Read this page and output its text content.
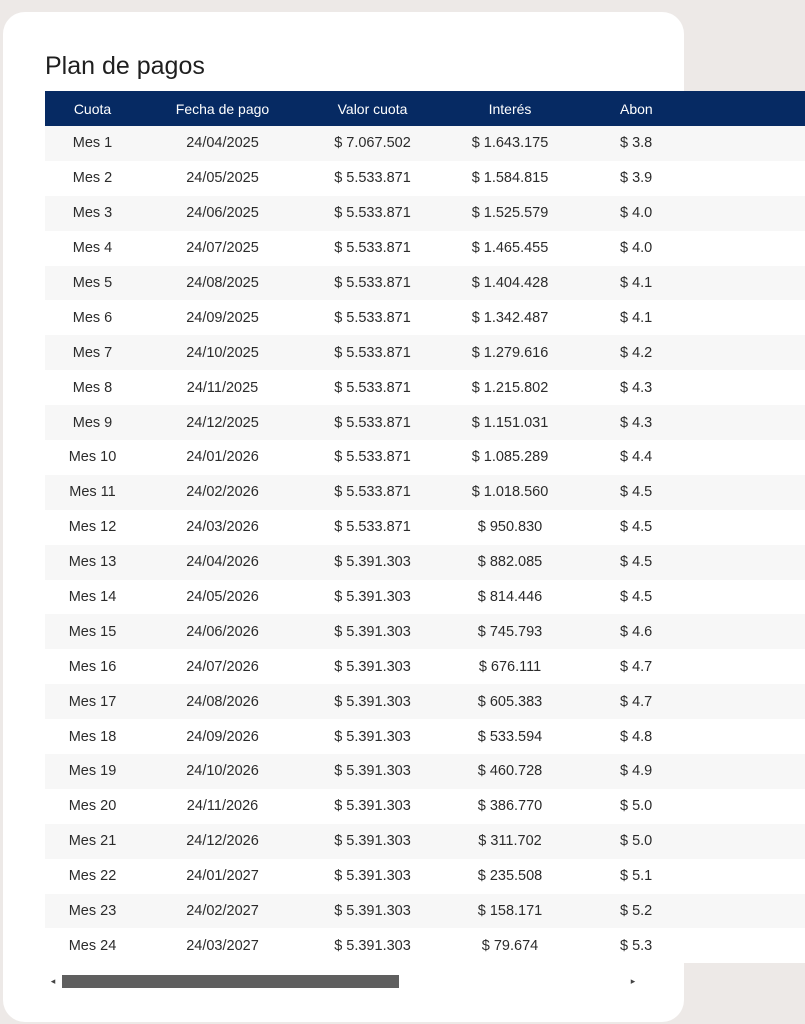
Plan de pagos
Cuota	Fecha de pago	Valor cuota	Interés	Abon
Mes 1	24/04/2025	$ 7.067.502	$ 1.643.175	$ 3.8
Mes 2	24/05/2025	$ 5.533.871	$ 1.584.815	$ 3.9
Mes 3	24/06/2025	$ 5.533.871	$ 1.525.579	$ 4.0
Mes 4	24/07/2025	$ 5.533.871	$ 1.465.455	$ 4.0
Mes 5	24/08/2025	$ 5.533.871	$ 1.404.428	$ 4.1
Mes 6	24/09/2025	$ 5.533.871	$ 1.342.487	$ 4.1
Mes 7	24/10/2025	$ 5.533.871	$ 1.279.616	$ 4.2
Mes 8	24/11/2025	$ 5.533.871	$ 1.215.802	$ 4.3
Mes 9	24/12/2025	$ 5.533.871	$ 1.151.031	$ 4.3
Mes 10	24/01/2026	$ 5.533.871	$ 1.085.289	$ 4.4
Mes 11	24/02/2026	$ 5.533.871	$ 1.018.560	$ 4.5
Mes 12	24/03/2026	$ 5.533.871	$ 950.830	$ 4.5
Mes 13	24/04/2026	$ 5.391.303	$ 882.085	$ 4.5
Mes 14	24/05/2026	$ 5.391.303	$ 814.446	$ 4.5
Mes 15	24/06/2026	$ 5.391.303	$ 745.793	$ 4.6
Mes 16	24/07/2026	$ 5.391.303	$ 676.111	$ 4.7
Mes 17	24/08/2026	$ 5.391.303	$ 605.383	$ 4.7
Mes 18	24/09/2026	$ 5.391.303	$ 533.594	$ 4.8
Mes 19	24/10/2026	$ 5.391.303	$ 460.728	$ 4.9
Mes 20	24/11/2026	$ 5.391.303	$ 386.770	$ 5.0
Mes 21	24/12/2026	$ 5.391.303	$ 311.702	$ 5.0
Mes 22	24/01/2027	$ 5.391.303	$ 235.508	$ 5.1
Mes 23	24/02/2027	$ 5.391.303	$ 158.171	$ 5.2
Mes 24	24/03/2027	$ 5.391.303	$ 79.674	$ 5.3
◂	▸
